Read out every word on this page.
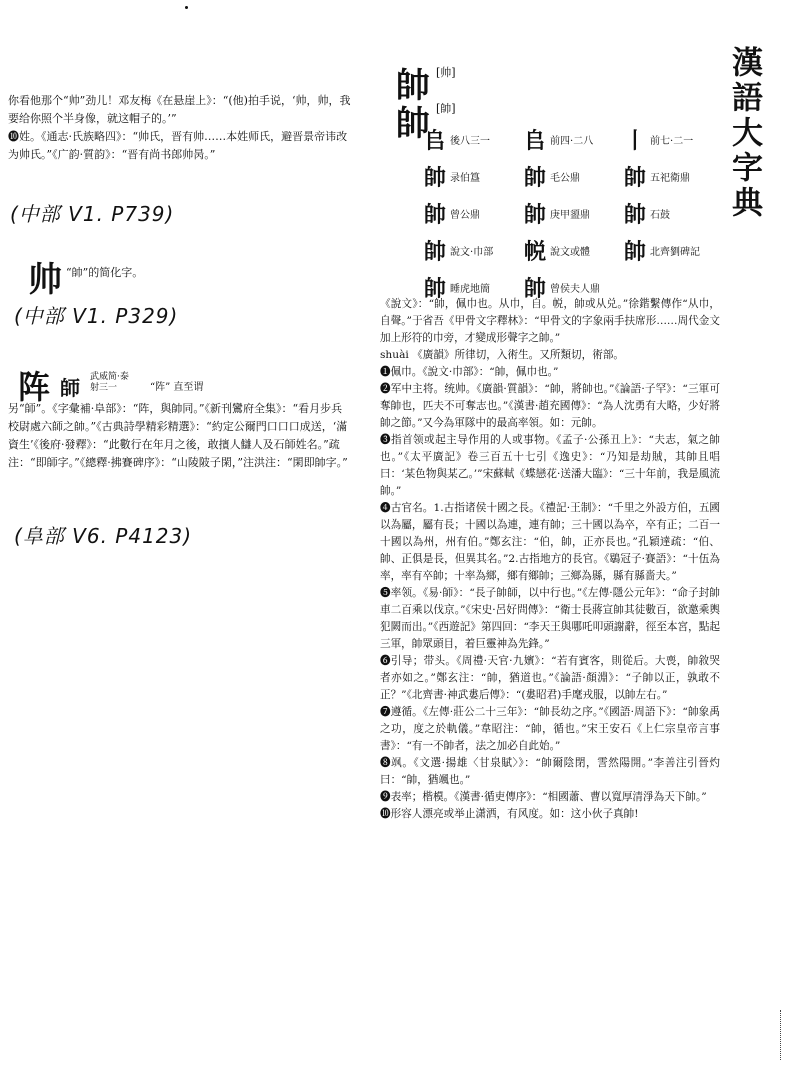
你看他那个“帅”劲儿！邓友梅《在悬崖上》：“(他)拍手说，‘帅，帅，我要给你照个半身像，就这帽子的。’”
❿姓。《通志·氏族略四》：“帅氏，晋有帅……本姓师氏，避晋景帝讳改为帅氏。”《广韵·質韵》：“晋有尚书郎帅昺。”
(中部 V1. P739)
帅 “帥”的简化字。
(中部 V1. P329)
阵 師 武威简·泰
射三一	“阵” 直至谓
另“師”。《字彙補·阜部》：“阵，與帥同。”《新刊鸞府全集》：“看月步兵校尉處六師之帥。”《古典詩學精彩精選》：“約定公爾門口口口成送，‘滿資生’《後府·發釋》：“此數行在年月之後，敢擯人讎人及石師姓名。”疏注：“即師字。”《總釋·拂賽碑序》：“山陵陂子閑，”注洪注：“閑即帥字。”
(阜部 V6. P4123)
帥 [帅]
帥 [帥]	漢語大字典
𠂤 後八三一 𠂤 前四·二八 丨 前七·二一
帥 录伯簋 帥 毛公鼎 帥 五祀衛鼎
帥 曾公鼎 帥 庚甲盨鼎 帥 石鼓
帥 說文·巾部 帨 說文或體 帥 北齊劉碑記
帥 睡虎地簡 帥 曾侯夫人鼎
《說文》：“帥，佩巾也。从巾，自。帨，帥或从兑。”徐鍇繫傳作“从巾，自聲。”于省吾《甲骨文字釋林》：“甲骨文的字象兩手扶席形……周代金文加上形符的巾旁，才變成形聲字之帥。”
shuài 《廣韻》所律切，入術生。又所類切，術部。
❶佩巾。《說文·巾部》：“帥，佩巾也。”
❷军中主将。统帅。《廣韻·質韻》：“帥，將帥也。”《論語·子罕》：“三軍可奪帥也，匹夫不可奪志也。”《漢書·趙充國傳》：“為人沈勇有大略，少好將帥之節。”又今為軍隊中的最高率領。如：元帥。
❸指首领或起主导作用的人或事物。《孟子·公孫丑上》：“夫志，氣之帥也。”《太平廣記》卷三百五十七引《逸史》：“乃知是劫賊，其帥且唱曰：‘某色物與某乙。’”宋蘇軾《蝶戀花·送潘大臨》：“三十年前，我是風流帥。”
❹古官名。1.古指诸侯十國之長。《禮記·王制》：“千里之外設方伯，五國以為屬，屬有長；十國以為連，連有帥；三十國以為卒，卒有正；二百一十國以為州，州有伯。”鄭玄注：“伯，帥，正亦長也。”孔穎達疏：“伯、帥、正俱是長，但異其名。”2.古指地方的長官。《鶡冠子·賽語》：“十伍為率，率有卒帥；十率為鄉，鄉有鄉帥；三鄉為縣，縣有縣嗇夫。”
❺率领。《易·師》：“長子帥師，以中行也。”《左傳·隱公元年》：“命子封帥車二百乘以伐京。”《宋史·呂好問傳》：“衛士長蔣宣帥其徒數百，欲邀乘輿犯闕而出。”《西遊記》第四回：“李天王與哪吒叩頭謝辭，徑至本宮，點起三軍，帥眾頭目，着巨靈神為先鋒。”
❻引导；带头。《周禮·天官·九嬪》：“若有賓客，則從后。大喪，帥敘哭者亦如之。”鄭玄注：“帥，猶道也。”《論語·顏淵》：“子帥以正，孰敢不正？”《北齊書·神武婁后傳》：“(婁昭君)手麾戎服，以帥左右。”
❼遵循。《左傳·莊公二十三年》：“帥長幼之序。”《國語·周語下》：“帥象禹之功，度之於軌儀。”韋昭注：“帥，循也。”宋王安石《上仁宗皇帝言事書》：“有一不帥者，法之加必自此始。”
❽飒。《文選·揚雄〈甘泉賦〉》：“帥爾陰閉，霅然陽開。”李善注引晉灼曰：“帥，猶颯也。”
❾表率；楷模。《漢書·循吏傳序》：“相國蕭、曹以寬厚清淨為天下帥。”
❿形容人漂亮或举止潇洒，有风度。如：这小伙子真帥!
